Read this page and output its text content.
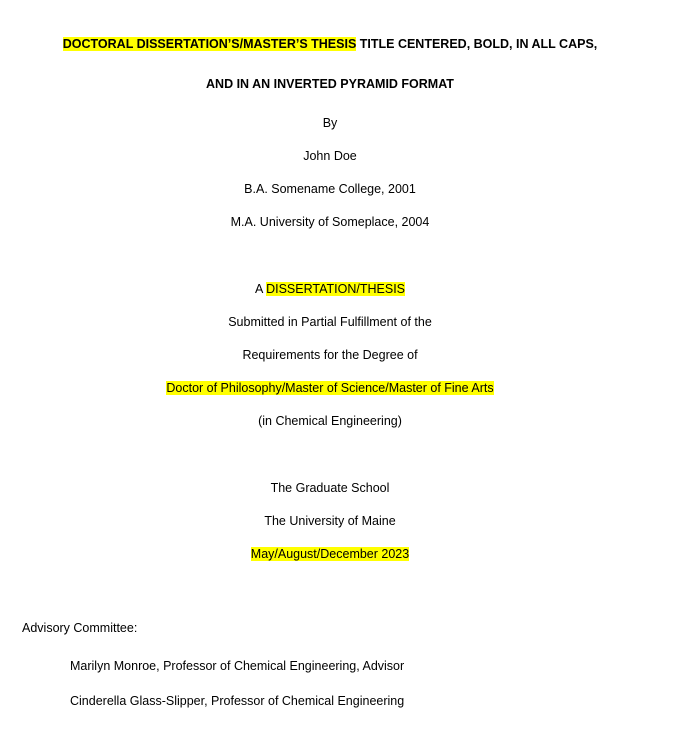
DOCTORAL DISSERTATION’S/MASTER’S THESIS TITLE CENTERED, BOLD, IN ALL CAPS,
AND IN AN INVERTED PYRAMID FORMAT
By
John Doe
B.A. Somename College, 2001
M.A. University of Someplace, 2004
A DISSERTATION/THESIS
Submitted in Partial Fulfillment of the
Requirements for the Degree of
Doctor of Philosophy/Master of Science/Master of Fine Arts
(in Chemical Engineering)
The Graduate School
The University of Maine
May/August/December 2023
Advisory Committee:
Marilyn Monroe, Professor of Chemical Engineering, Advisor
Cinderella Glass-Slipper, Professor of Chemical Engineering
